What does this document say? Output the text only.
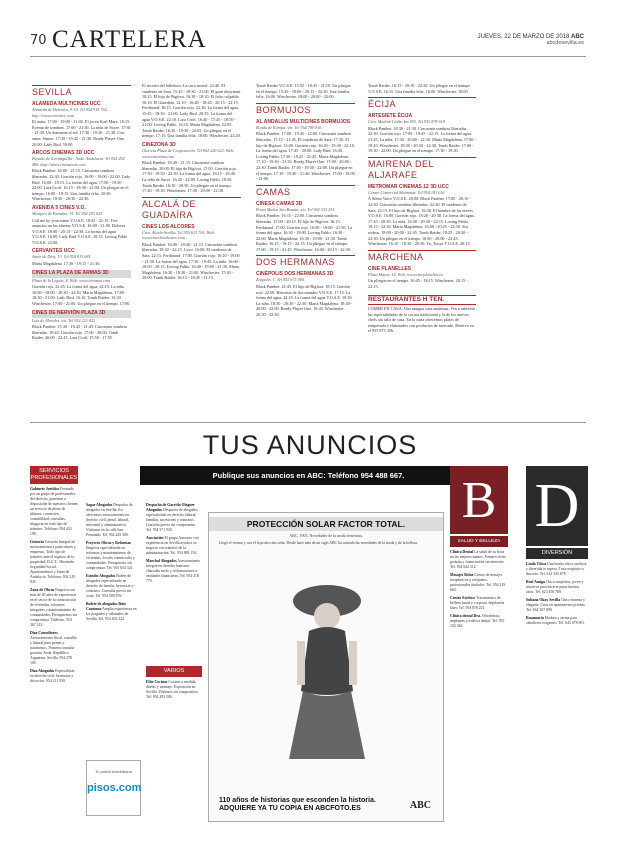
70 CARTELERA	JUEVES, 22 DE MARZO DE 2018 ABC
abcdesevilla.es
SEVILLA
ALAMEDA MULTICINES UCC
Alameda de Hércules, 9-10. Tel 954 915 762. http://www.cinesucc.com
El autor. 17:00 - 19:00 - 21:00. El joven Karl Marx. 18:15. Evento de sombras. 17:00 - 21:30. La niña de Sucre. 17:30 - 21:30. Un diamante al sol. 17:30 - 19:30 - 21:30. Con amor, Simon. 17:30 - 19:45 - 21:30. Ready Player One. 20:00. Lady Bird. 18:00.
ARCOS CINEMAS 3D UCC
Parada de Tarranguilla - Avda. Andalucía. Tel 954 254 486. http://www.cinesarcos.com
Black Panther. 16:00 - 21:15. Cincuenta sombras liberadas. 22:30. Gorrión rojo. 16:00 - 19:00 - 22:00. Lady Bird. 16:00 - 18:15. La forma del agua. 17:00 - 19:30 - 22:00. Lara Croft. 16:15 - 18:30 - 21:00. Un pliegue en el tiempo. 16:00 - 18:15. Una familia feliz. 20:30. Winchester. 18:30 - 20:30 - 22:30.
AVENIDA 5 CINES V.O.
Marqués de Paradas, 15. Tel 954 293 025
Call me by your name V.O.S.E. 18:45 - 21:15. Tres anuncios en las afueras V.O.S.E. 16:00 - 21:00. Dolores V.O.S.E. 18:00 - 20:15 - 22:30. La forma del agua V.O.S.E. 16:00. Lady Bird V.O.S.E. 18:15. Loving Pablo V.O.S.E. 22:00.
CERVANTES UCC
Amor de Dios, 13. Tel 954 915 681
María Magdalena. 17:30 - 19:15 - 21:30.
CINES LA PLAZA DE ARMAS 3D
Plaza de la Legión, 8. Web: www.cinemas.com
Gorrión rojo. 22:45. La forma del agua. 22:15. La niña. 16:00 - 18:00 - 20:30 - 22:30. María Magdalena. 17:00 - 18:30 - 21:00. Lady Bird. 16:10. Tomb Raider. 15:30. Winchester. 17:00 - 21:00. Un pliegue en el tiempo. 17:00.
CINES DE NERVIÓN PLAZA 3D
Luis de Morales, s/n. Tel 954 221 822
Black Panther. 15:30 - 18:45 - 21:45. Cincuenta sombras liberadas. 19:45. Gorrión rojo. 17:00 - 20:00. Tomb Raider. 20:00 - 22:45. Lara Croft. 15:50 - 17:55.
El secreto del laberinto: La cura mortal. 22:40. El cuaderno de Sara. 15:45 - 18:30 - 21:00. El gran showman. 18:15. El hijo de Bigfoot. 16:10 - 18:10. El falso culpable. 16:10. El Guardián. 12:10 - 16:40 - 18:45 - 20:15 - 22:15. Ferdinand. 16:15. Gorrión rojo. 22:10. La forma del agua. 15:45 - 18:30 - 21:00. Lady Bird. 20:35. La forma del agua V.O.S.E. 22:10. Lara Croft. 16:40 - 17:45 - 18:50 - 21:00. Loving Pablo. 16:10. María Magdalena. 22:05. Tomb Raider. 16:30 - 19:30 - 22:05. Un pliegue en el tiempo. 17:15. Una familia feliz. 18:00. Winchester. 22:20.
CINEZONA 3D
Glorieta Plaza de Cooperación. Tel 902 220 622. Web: www.cinezona.com
Black Panther. 18:40 - 21:15. Cincuenta sombras liberadas. 20:00. El hijo de Bigfoot. 17:00. Gorrión rojo. 17:30 - 19:50 - 22:30. La forma del agua. 18:15 - 20:40. La niña de Sucre. 16:20 - 22:00. Loving Pablo. 18:30. Tomb Raider. 16:10 - 20:30. Un pliegue en el tiempo. 17:40 - 19:30. Winchester. 17:30 - 20:00 - 22:30.
ALCALÁ DE GUADAÍRA
CINES LOS ALCORES
Ctra. Alcalá-Sevilla. Tel 955 613 700. Web: www.cineslosalcores.com
Black Panther. 16:00 - 18:40 - 21:15. Cincuenta sombras liberadas. 18:30 - 22:15. Coco. 16:00. El cuaderno de Sara. 22:15. Ferdinand. 17:00. Gorrión rojo. 16:20 - 19:00 - 21:30. La forma del agua. 17:30 - 19:45. La niña. 16:00 - 18:00 - 20:15. Loving Pablo. 16:40 - 19:00 - 21:30. María Magdalena. 16:20 - 18:30 - 21:00. Winchester. 17:30 - 20:00. Tomb Raider. 16:15 - 18:45 - 21:15.
Tomb Raider V.O.S.E. 15:55 - 18:45 - 21:10. Un pliegue en el tiempo. 15:45 - 18:00 - 20:15 - 22:30. Una familia feliz. 16:00. Winchester. 18:00 - 20:00 - 22:00.
BORMUJOS
AL ANDALUS MULTICINES BORMUJOS
Ronda de Europa, s/n. Tel 954 780 816
Black Panther. 17:00 - 19:45 - 22:00. Cincuenta sombras liberadas. 17:15 - 21:45. El cuaderno de Sara. 17:30. El hijo de Bigfoot. 16:00. Gorrión rojo. 16:45 - 19:30 - 22:10. La forma del agua. 17:45 - 20:00. Lady Bird. 16:30. Loving Pablo. 17:30 - 19:25 - 21:45. María Magdalena. 17:10 - 19:30 - 21:50. Ready Player One. 17:00 - 20:00 - 22:30. Tomb Raider. 17:05 - 19:30 - 22:00. Un pliegue en el tiempo. 17:10 - 19:20 - 21:40. Winchester. 17:00 - 19:00 - 21:00.
CAMAS
CINESA CAMAS 3D
Poeta Muñoz San Román, s/n. Tel 902 333 231
Black Panther. 16:15 - 22:00. Cincuenta sombras liberadas. 17:00 - 20:15. El hijo de Bigfoot. 16:15. Ferdinand. 17:00. Gorrión rojo. 16:00 - 19:00 - 21:50. La forma del agua. 16:30 - 19:00. Loving Pablo. 16:30 - 22:00. María Magdalena. 16:30 - 19:00 - 21:30. Tomb Raider. 16:15 - 19:15 - 22:15. Un pliegue en el tiempo. 17:00 - 19:15 - 21:45. Winchester. 16:00 - 20:15 - 22:30.
DOS HERMANAS
CINÉPOLIS DOS HERMANAS 3D
Zeppelin, 1. Tel 955 675 094
Black Panther. 21:45. El hijo de Bigfoot. 18:15. Gorrión rojo. 22:00. Historias de dos mundos V.O.S.E. 17:15. La forma del agua. 22:10. La forma del agua V.O.S.E. 19:30. La niña. 18:30 - 20:30 - 22:30. María Magdalena. 18:30 - 20:00 - 22:00. Ready Player One. 19:45. Winchester. 20:30 - 22:30.
Tomb Raider. 16:15 - 20:10 - 22:20. Un pliegue en el tiempo V.O.S.E. 16:15. Una familia feliz. 16:00. Winchester. 18:00.
ÉCIJA
ARTESIETE ÉCIJA
Ctra. Madrid-Cádiz, km 455. Tel 955 878 618
Black Panther. 18:30 - 21:30. Cincuenta sombras liberadas. 22:30. Gorrión rojo. 17:00 - 19:45 - 22:15. La forma del agua. 21:45. La niña. 17:30 - 20:00 - 22:30. María Magdalena. 17:00 - 19:45. Winchester. 18:30 - 20:30 - 22:30. Tomb Raider. 17:00 - 19:30 - 22:00. Un pliegue en el tiempo. 17:30 - 19:30.
MAIRENA DEL ALJARAFE
METROMAR CINEMAS 12 3D UCC
Centro Comercial Metromar. Tel 954 183 016
A Silent Voice V.O.S.E. 20:00. Black Panther. 17:00 - 20:10 - 22:30. Cincuenta sombras liberadas. 22:30. El cuaderno de Sara. 22:15. El hijo de Bigfoot. 16:30. El hombre de las nieves V.O.S.E. 16:00. Gorrión rojo. 18:20 - 20:30. La forma del agua. 17:45 - 20:30. La niña. 16:30 - 20:30 - 22:15. Loving Pablo. 18:15 - 22:30. María Magdalena. 16:00 - 20:25 - 22:30. Sin rodeos. 18:00 - 20:00 - 22:45. Tomb Raider. 18:25 - 20:30 - 22:30. Un pliegue en el tiempo. 16:00 - 20:00 - 22:45. Winchester. 16:10 - 18:30 - 20:30. Yo, Tonya V.O.S.E. 20:15.
MARCHENA
CINE PLANELLES
Plaza Mayor, 14. Web: www.cineplanelles.es
Un pliegue en el tiempo. 16:45 - 18:15. Winchester. 20:15 - 22:15.
RESTAURANTES H TEN.
COMER EN CASA. Una antigua casa andaluza. Ven a saborear las especialidades de la cocina tradicional y la de los nuevos chefs sin salir de casa. En la carta ofrecemos platos de temporada y elaborados con productos de mercado. Reserva en el 955 875 456.
TUS ANUNCIOS
Publique sus anuncios en ABC: Teléfono 954 488 667.
SERVICIOS PROFESIONALES
Gabinete Jurídico Formado por un grupo de profesionales del derecho, ponemos a disposición de nuestros clientes un servicio de pleno de últimos, comercios, contabilidad, consultas, abogacía en todo tipo de trámites. Teléfono: 954 432 198.
Gestoría Gestoría Integral de asesoramiento a particulares y empresas. Todo tipo de trámites ante el registro de la propiedad, D.G.T., Hacienda, Seguridad Social, Ayuntamientos y Junta de Andalucía. Teléfono: 954 219 845.
Zona de Obras Empresa con más de 20 años de experiencia en el sector de la construcción de viviendas, reformas integrales y mantenimiento de comunidades. Presupuestos sin compromiso. Teléfono: 954 367 212.
Díaz Consultores Asesoramiento fiscal, contable y laboral para pymes y autónomos. Primera consulta gratuita. Avda. República Argentina, Sevilla. 954 278 100.
Díaz Abogados Especialistas en derecho civil, herencias y divorcios. 954 211 930.
Sagar Abogados Despacho de abogados en Sevilla. En ofrecemos asesoramiento en derecho civil, penal, laboral, mercantil y administrativo. Visítenos en la calle San Fernando. Tel. 954 225 380.
Proyecto Obras y Reformas Empresa especializada en reformas y mantenimiento de viviendas, locales comerciales y comunidades. Presupuesto sin compromiso. Tel. 955 654 321.
Estudio Abogados Bufete de abogados especializado en derecho de familia, herencias y contratos. Consulta previa sin coste. Tel. 954 589 876.
Bufete de abogados Ruiz Carmona Amplia experiencia en los juzgados y tribunales de Sevilla. Tel. 954 633 222.
Tu portal inmobiliario
pisos.com
Despacho de Garrido Olaguer Abogados Despacho de abogados especializado en derecho laboral, familiar, sucesiones y contratos. Consulta previa sin compromiso. Tel. 954 371 920.
Asociación El grupo Asesores con experiencia en Sevilla ayuda a su negocio con trámites de la administración. Tel. 954 882 154.
Marchal Abogados Asesoramiento integral en derecho bancario, cláusulas suelo y reclamaciones a entidades financieras. Tel. 954 218 770.
VARIOS
Elite Cocinas Cocinas a medida, diseño y montaje. Exposición en Sevilla. Visítenos sin compromiso. Tel. 954 283 500.
PROTECCIÓN SOLAR FACTOR TOTAL.
ABC, 1903. Novedades de la moda femenina.
Llegó el verano y con él la protección solar. Desde hace más de un siglo ABC ha contado las novedades de la moda y de la belleza.
110 años de historias que esconden la historia.
ADQUIERE YA TU COPIA EN ABCFOTO.ES	ABC
B
SALUD Y BELLEZA
Clínica Dental La salud de su boca en las mejores manos. Primera visita gratuita y financiación sin intereses. Tel. 954 642 312.
Masajes Relax Centro de masajes terapéuticos y relajantes, profesionales titulados. Tel. 954 219 660.
Centro Estético Tratamientos de belleza facial y corporal, depilación láser. Tel. 954 876 221.
Clínica dental Dra. Ortodoncia, implantes y estética dental. Tel. 955 102 340.
D
DIVERSIÓN
Linda Chica Una bonita chica cariñosa y divertida te espera. Trato exquisito y discreto. Tel. 612 345 678.
Real Amiga Chica simpática, joven y atractiva para hacerte pasar buenos ratos. Tel. 623 456 789.
Sultana Okay Sevilla Chica morena y elegante. Citas en apartamento privado. Tel. 634 567 890.
Rosamaría Madura y atenta para caballeros exigentes. Tel. 645 678 901.
